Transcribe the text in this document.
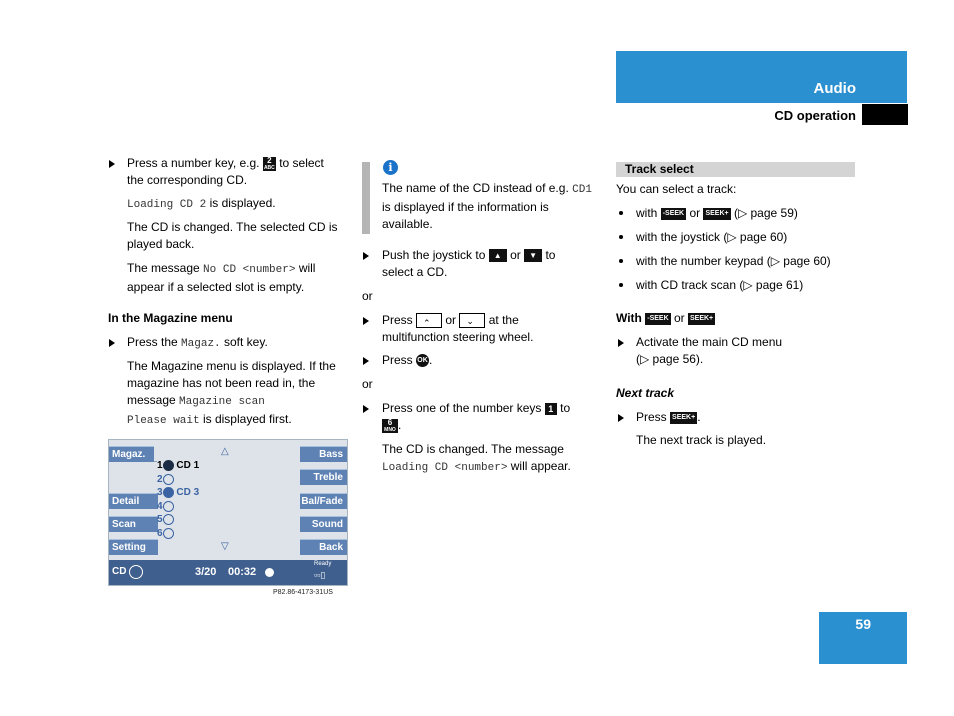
Audio
CD operation
Press a number key, e.g. 2
ABC to select
the corresponding CD.
Loading CD 2 is displayed.
The CD is changed. The selected CD is
played back.
The message No CD <number> will
appear if a selected slot is empty.
In the Magazine menu
Press the Magaz. soft key.
The Magazine menu is displayed. If the
magazine has not been read in, the
message Magazine scan
Please wait is displayed first.
Magaz.
Detail
Scan
Setting
Bass
Treble
Bal/Fade
Sound
Back
△
▽
1 CD 1
2
3 CD 3
4
5
6
CD	3/20 00:32
Ready
▫▫▯
P82.86-4173-31US
i
The name of the CD instead of e.g. CD1
is displayed if the information is
available.
Push the joystick to ▲ or ▼ to
select a CD.
or
Press ⌃ or ⌄ at the
multifunction steering wheel.
Press OK.
or
Press one of the number keys 1 to

6
MNO .
The CD is changed. The message
Loading CD <number> will appear.
Track select
You can select a track:
with -SEEK or SEEK+ (▷ page 59)
with the joystick (▷ page 60)
with the number keypad (▷ page 60)
with CD track scan (▷ page 61)
With -SEEK or SEEK+
Activate the main CD menu
(▷ page 56).
Next track
Press SEEK+ .
The next track is played.
59
